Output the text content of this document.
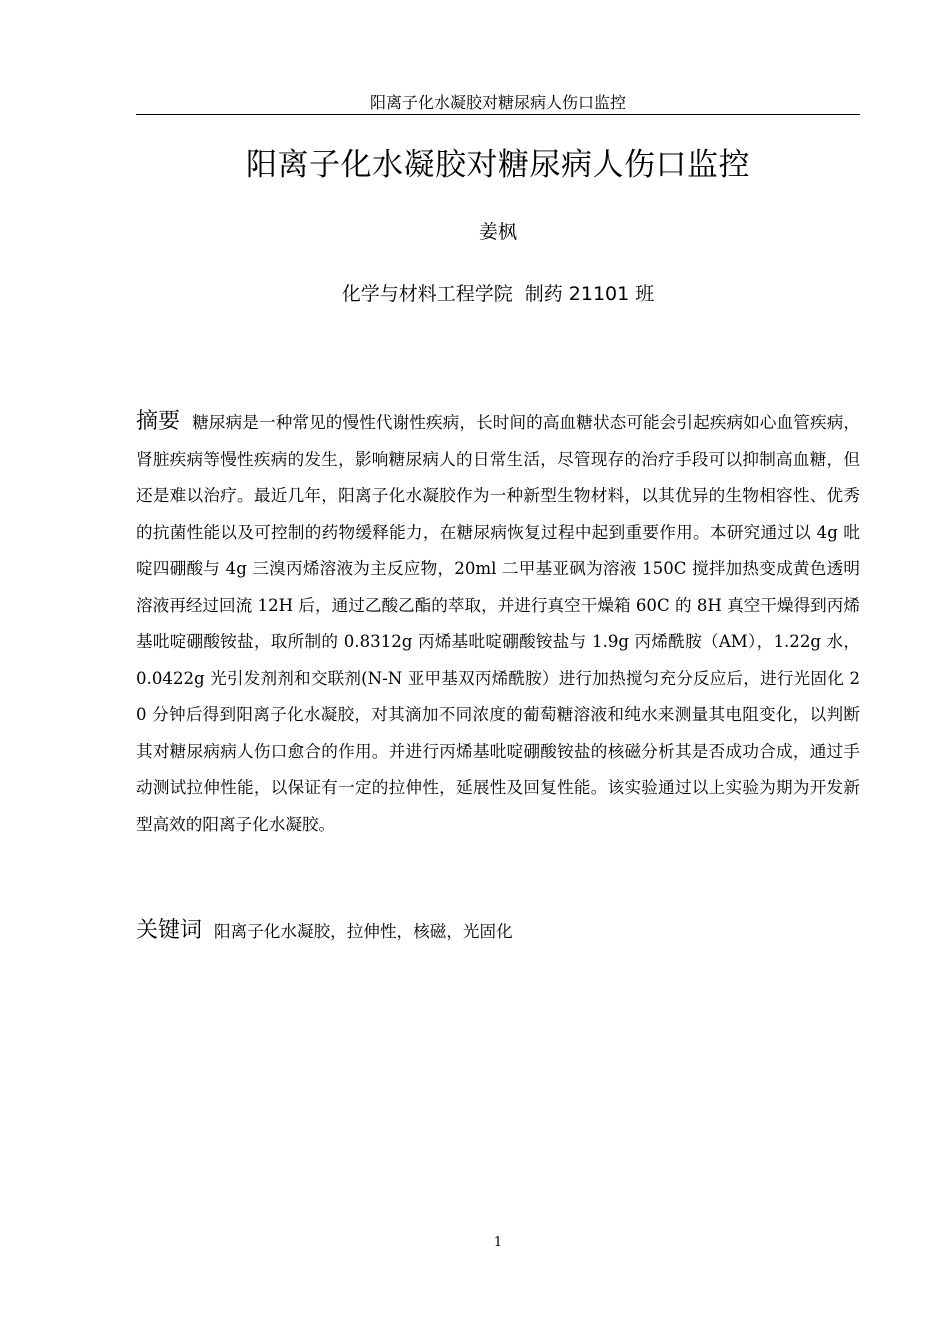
阳离子化水凝胶对糖尿病人伤口监控
阳离子化水凝胶对糖尿病人伤口监控
姜枫
化学与材料工程学院 制药 21101 班
摘要 糖尿病是一种常见的慢性代谢性疾病，长时间的高血糖状态可能会引起疾病如心血管疾病，肾脏疾病等慢性疾病的发生，影响糖尿病人的日常生活，尽管现存的治疗手段可以抑制高血糖，但还是难以治疗。最近几年，阳离子化水凝胶作为一种新型生物材料，以其优异的生物相容性、优秀的抗菌性能以及可控制的药物缓释能力，在糖尿病恢复过程中起到重要作用。本研究通过以 4g 吡啶四硼酸与 4g 三溴丙烯溶液为主反应物，20ml 二甲基亚砜为溶液 150C 搅拌加热变成黄色透明溶液再经过回流 12H 后，通过乙酸乙酯的萃取，并进行真空干燥箱 60C 的 8H 真空干燥得到丙烯基吡啶硼酸铵盐，取所制的 0.8312g 丙烯基吡啶硼酸铵盐与 1.9g 丙烯酰胺（AM），1.22g 水，0.0422g 光引发剂剂和交联剂(N-N 亚甲基双丙烯酰胺）进行加热搅匀充分反应后，进行光固化 20 分钟后得到阳离子化水凝胶，对其滴加不同浓度的葡萄糖溶液和纯水来测量其电阻变化，以判断其对糖尿病病人伤口愈合的作用。并进行丙烯基吡啶硼酸铵盐的核磁分析其是否成功合成，通过手动测试拉伸性能，以保证有一定的拉伸性，延展性及回复性能。该实验通过以上实验为期为开发新型高效的阳离子化水凝胶。
关键词 阳离子化水凝胶，拉伸性，核磁，光固化
1
